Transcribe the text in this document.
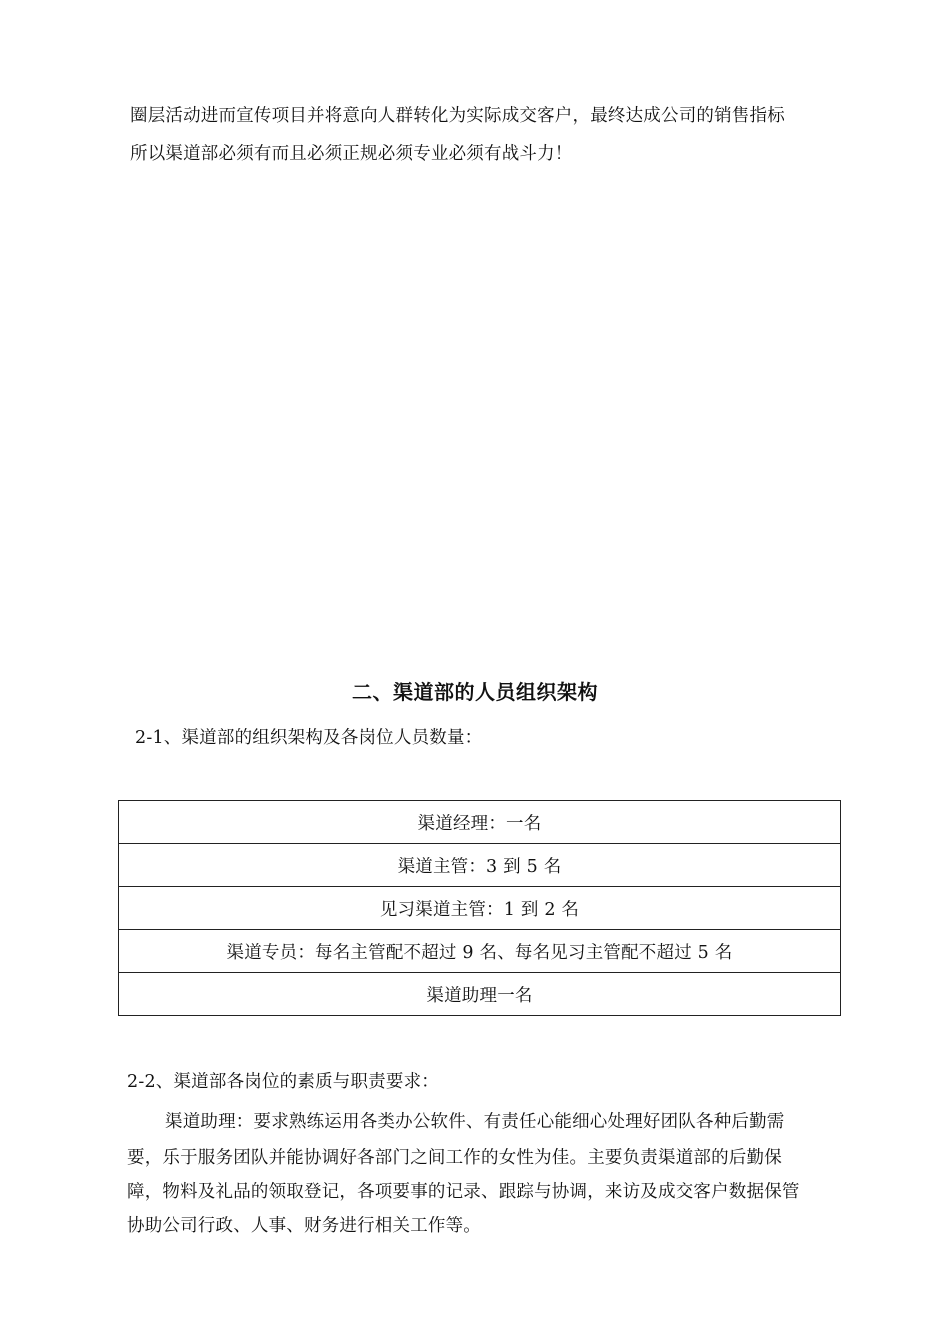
圈层活动进而宣传项目并将意向人群转化为实际成交客户，最终达成公司的销售指标
所以渠道部必须有而且必须正规必须专业必须有战斗力！
二、渠道部的人员组织架构
2-1、渠道部的组织架构及各岗位人员数量：
渠道经理：一名
渠道主管：3 到 5 名
见习渠道主管：1 到 2 名
渠道专员：每名主管配不超过 9 名、每名见习主管配不超过 5 名
渠道助理一名
2-2、渠道部各岗位的素质与职责要求：
渠道助理：要求熟练运用各类办公软件、有责任心能细心处理好团队各种后勤需
要，乐于服务团队并能协调好各部门之间工作的女性为佳。主要负责渠道部的后勤保
障，物料及礼品的领取登记，各项要事的记录、跟踪与协调，来访及成交客户数据保管
协助公司行政、人事、财务进行相关工作等。
